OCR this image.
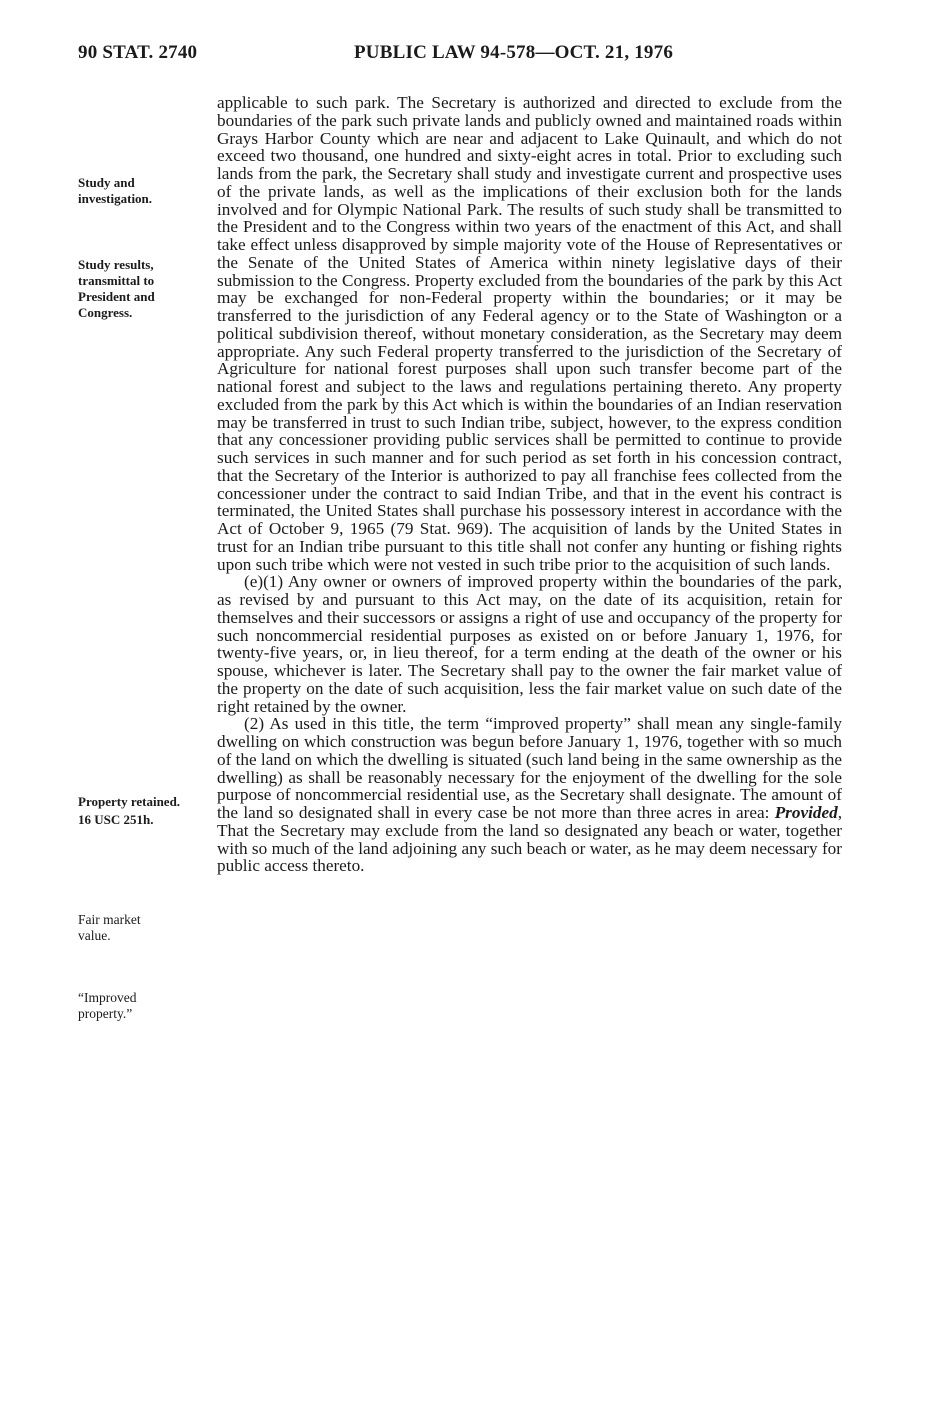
90 STAT. 2740	PUBLIC LAW 94-578—OCT. 21, 1976
Study and
investigation.
Study results,
transmittal to
President and
Congress.
Property retained.
16 USC 251h.
Fair market
value.
“Improved
property.”

applicable to such park. The Secretary is authorized and directed to exclude from the boundaries of the park such private lands and publicly owned and maintained roads within Grays Harbor County which are near and adjacent to Lake Quinault, and which do not exceed two thousand, one hundred and sixty-eight acres in total. Prior to excluding such lands from the park, the Secretary shall study and investigate current and prospective uses of the private lands, as well as the implications of their exclusion both for the lands involved and for Olympic National Park. The results of such study shall be transmitted to the President and to the Congress within two years of the enactment of this Act, and shall take effect unless disapproved by simple majority vote of the House of Representatives or the Senate of the United States of America within ninety legislative days of their submission to the Congress. Property excluded from the boundaries of the park by this Act may be exchanged for non-Federal property within the boundaries; or it may be transferred to the jurisdiction of any Federal agency or to the State of Washington or a political subdivision thereof, without monetary consideration, as the Secretary may deem appropriate. Any such Federal property transferred to the jurisdiction of the Secretary of Agriculture for national forest purposes shall upon such transfer become part of the national forest and subject to the laws and regulations pertaining thereto. Any property excluded from the park by this Act which is within the boundaries of an Indian reservation may be transferred in trust to such Indian tribe, subject, however, to the express condition that any concessioner providing public services shall be permitted to continue to provide such services in such manner and for such period as set forth in his concession contract, that the Secretary of the Interior is authorized to pay all franchise fees collected from the concessioner under the contract to said Indian Tribe, and that in the event his contract is terminated, the United States shall purchase his possessory interest in accordance with the Act of October 9, 1965 (79 Stat. 969). The acquisition of lands by the United States in trust for an Indian tribe pursuant to this title shall not confer any hunting or fishing rights upon such tribe which were not vested in such tribe prior to the acquisition of such lands.

(e)(1) Any owner or owners of improved property within the boundaries of the park, as revised by and pursuant to this Act may, on the date of its acquisition, retain for themselves and their successors or assigns a right of use and occupancy of the property for such noncommercial residential purposes as existed on or before January 1, 1976, for twenty-five years, or, in lieu thereof, for a term ending at the death of the owner or his spouse, whichever is later. The Secretary shall pay to the owner the fair market value of the property on the date of such acquisition, less the fair market value on such date of the right retained by the owner.

(2) As used in this title, the term “improved property” shall mean any single-family dwelling on which construction was begun before January 1, 1976, together with so much of the land on which the dwelling is situated (such land being in the same ownership as the dwelling) as shall be reasonably necessary for the enjoyment of the dwelling for the sole purpose of noncommercial residential use, as the Secretary shall designate. The amount of the land so designated shall in every case be not more than three acres in area: Provided, That the Secretary may exclude from the land so designated any beach or water, together with so much of the land adjoining any such beach or water, as he may deem necessary for public access thereto.
